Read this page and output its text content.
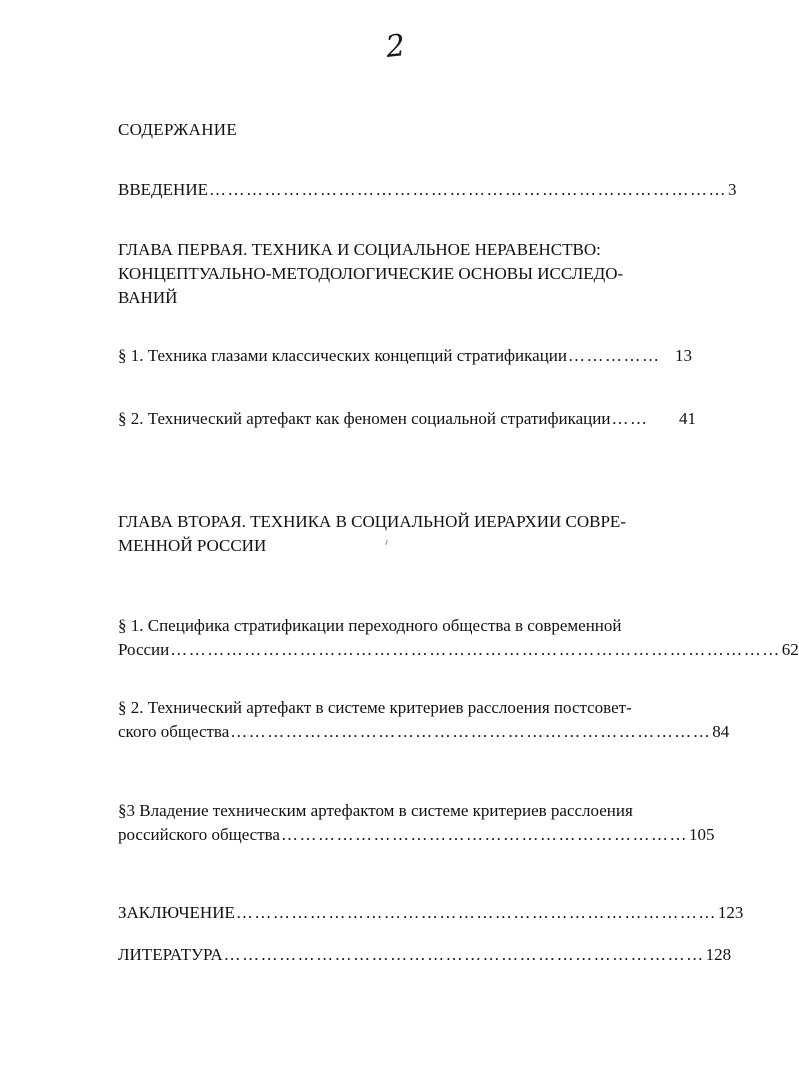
2
СОДЕРЖАНИЕ
ВВЕДЕНИЕ ………………………………………………………………………… 3
ГЛАВА ПЕРВАЯ. ТЕХНИКА И СОЦИАЛЬНОЕ НЕРАВЕНСТВО:
КОНЦЕПТУАЛЬНО-МЕТОДОЛОГИЧЕСКИЕ ОСНОВЫ ИССЛЕДО-
ВАНИЙ
§ 1. Техника глазами классических концепций стратификации …………… 13
§ 2. Технический артефакт как феномен социальной стратификации ……	41
ГЛАВА ВТОРАЯ. ТЕХНИКА В СОЦИАЛЬНОЙ ИЕРАРХИИ СОВРЕ-
МЕННОЙ РОССИИ
§ 1. Специфика стратификации переходного общества в современной
России ……………………………………………………………………………………… 62
§ 2. Технический артефакт в системе критериев расслоения постсовет-
ского общества …………………………………………………………………… 84
§3 Владение техническим артефактом в системе критериев расслоения
российского общества ………………………………………………………… 105
ЗАКЛЮЧЕНИЕ …………………………………………………………………… 123
ЛИТЕРАТУРА …………………………………………………………………… 128
